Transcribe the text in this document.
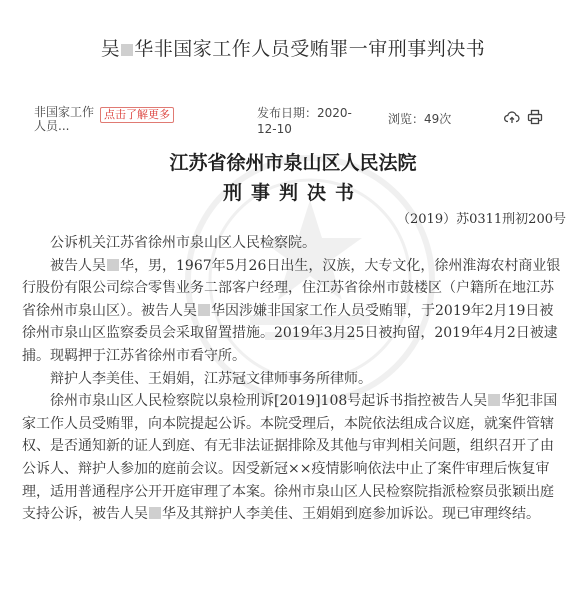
吴 华非国家工作人员受贿罪一审刑事判决书
非国家工作人员...
点击了解更多	发布日期：2020-12-10
浏览：49次
江苏省徐州市泉山区人民法院
刑事判决书
（2019）苏0311刑初200号

公诉机关江苏省徐州市泉山区人民检察院。

被告人吴 华，男，1967年5月26日出生，汉族，大专文化，徐州淮海农村商业银行股份有限公司综合零售业务二部客户经理，住江苏省徐州市鼓楼区（户籍所在地江苏省徐州市泉山区）。被告人吴 华因涉嫌非国家工作人员受贿罪，于2019年2月19日被徐州市泉山区监察委员会采取留置措施。2019年3月25日被拘留，2019年4月2日被逮捕。现羁押于江苏省徐州市看守所。

辩护人李美佳、王娟娟，江苏冠文律师事务所律师。

徐州市泉山区人民检察院以泉检刑诉[2019]108号起诉书指控被告人吴 华犯非国家工作人员受贿罪，向本院提起公诉。本院受理后，本院依法组成合议庭，就案件管辖权、是否通知新的证人到庭、有无非法证据排除及其他与审判相关问题，组织召开了由公诉人、辩护人参加的庭前会议。因受新冠××疫情影响依法中止了案件审理后恢复审理，适用普通程序公开开庭审理了本案。徐州市泉山区人民检察院指派检察员张颖出庭支持公诉，被告人吴 华及其辩护人李美佳、王娟娟到庭参加诉讼。现已审理终结。
